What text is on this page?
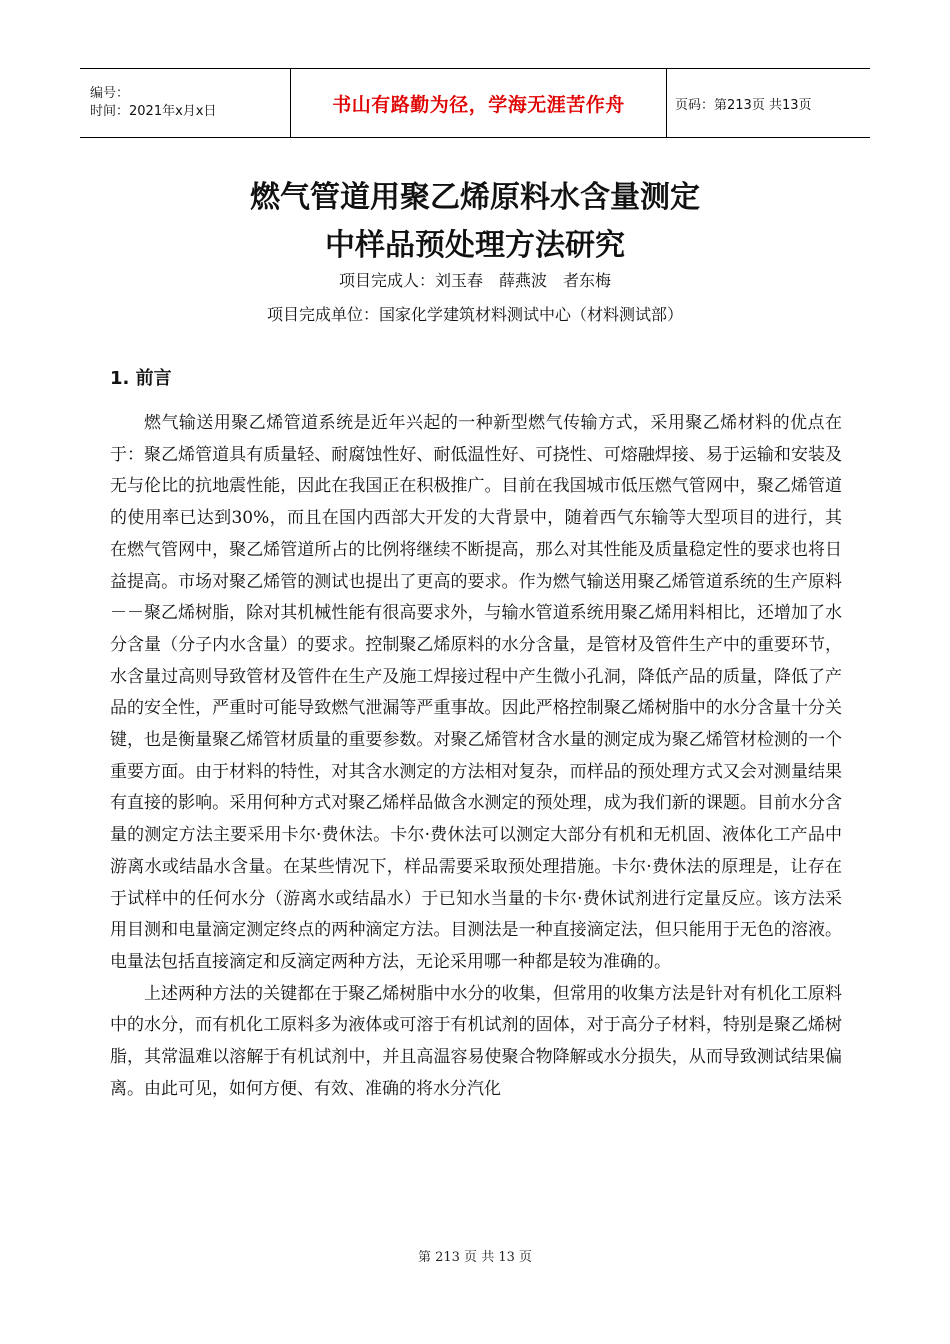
编号：
时间：2021年x月x日	书山有路勤为径，学海无涯苦作舟	页码：第213页 共13页
燃气管道用聚乙烯原料水含量测定
中样品预处理方法研究
项目完成人：刘玉春　薛燕波　者东梅
项目完成单位：国家化学建筑材料测试中心（材料测试部）
1. 前言

燃气输送用聚乙烯管道系统是近年兴起的一种新型燃气传输方式，采用聚乙烯材料的优点在于：聚乙烯管道具有质量轻、耐腐蚀性好、耐低温性好、可挠性、可熔融焊接、易于运输和安装及无与伦比的抗地震性能，因此在我国正在积极推广。目前在我国城市低压燃气管网中，聚乙烯管道的使用率已达到30%，而且在国内西部大开发的大背景中，随着西气东输等大型项目的进行，其在燃气管网中，聚乙烯管道所占的比例将继续不断提高，那么对其性能及质量稳定性的要求也将日益提高。市场对聚乙烯管的测试也提出了更高的要求。作为燃气输送用聚乙烯管道系统的生产原料－－聚乙烯树脂，除对其机械性能有很高要求外，与输水管道系统用聚乙烯用料相比，还增加了水分含量（分子内水含量）的要求。控制聚乙烯原料的水分含量，是管材及管件生产中的重要环节，水含量过高则导致管材及管件在生产及施工焊接过程中产生微小孔洞，降低产品的质量，降低了产品的安全性，严重时可能导致燃气泄漏等严重事故。因此严格控制聚乙烯树脂中的水分含量十分关键，也是衡量聚乙烯管材质量的重要参数。对聚乙烯管材含水量的测定成为聚乙烯管材检测的一个重要方面。由于材料的特性，对其含水测定的方法相对复杂，而样品的预处理方式又会对测量结果有直接的影响。采用何种方式对聚乙烯样品做含水测定的预处理，成为我们新的课题。目前水分含量的测定方法主要采用卡尔·费休法。卡尔·费休法可以测定大部分有机和无机固、液体化工产品中游离水或结晶水含量。在某些情况下，样品需要采取预处理措施。卡尔·费休法的原理是，让存在于试样中的任何水分（游离水或结晶水）于已知水当量的卡尔·费休试剂进行定量反应。该方法采用目测和电量滴定测定终点的两种滴定方法。目测法是一种直接滴定法，但只能用于无色的溶液。电量法包括直接滴定和反滴定两种方法，无论采用哪一种都是较为准确的。

上述两种方法的关键都在于聚乙烯树脂中水分的收集，但常用的收集方法是针对有机化工原料中的水分，而有机化工原料多为液体或可溶于有机试剂的固体，对于高分子材料，特别是聚乙烯树脂，其常温难以溶解于有机试剂中，并且高温容易使聚合物降解或水分损失，从而导致测试结果偏离。由此可见，如何方便、有效、准确的将水分汽化

第 213 页 共 13 页
